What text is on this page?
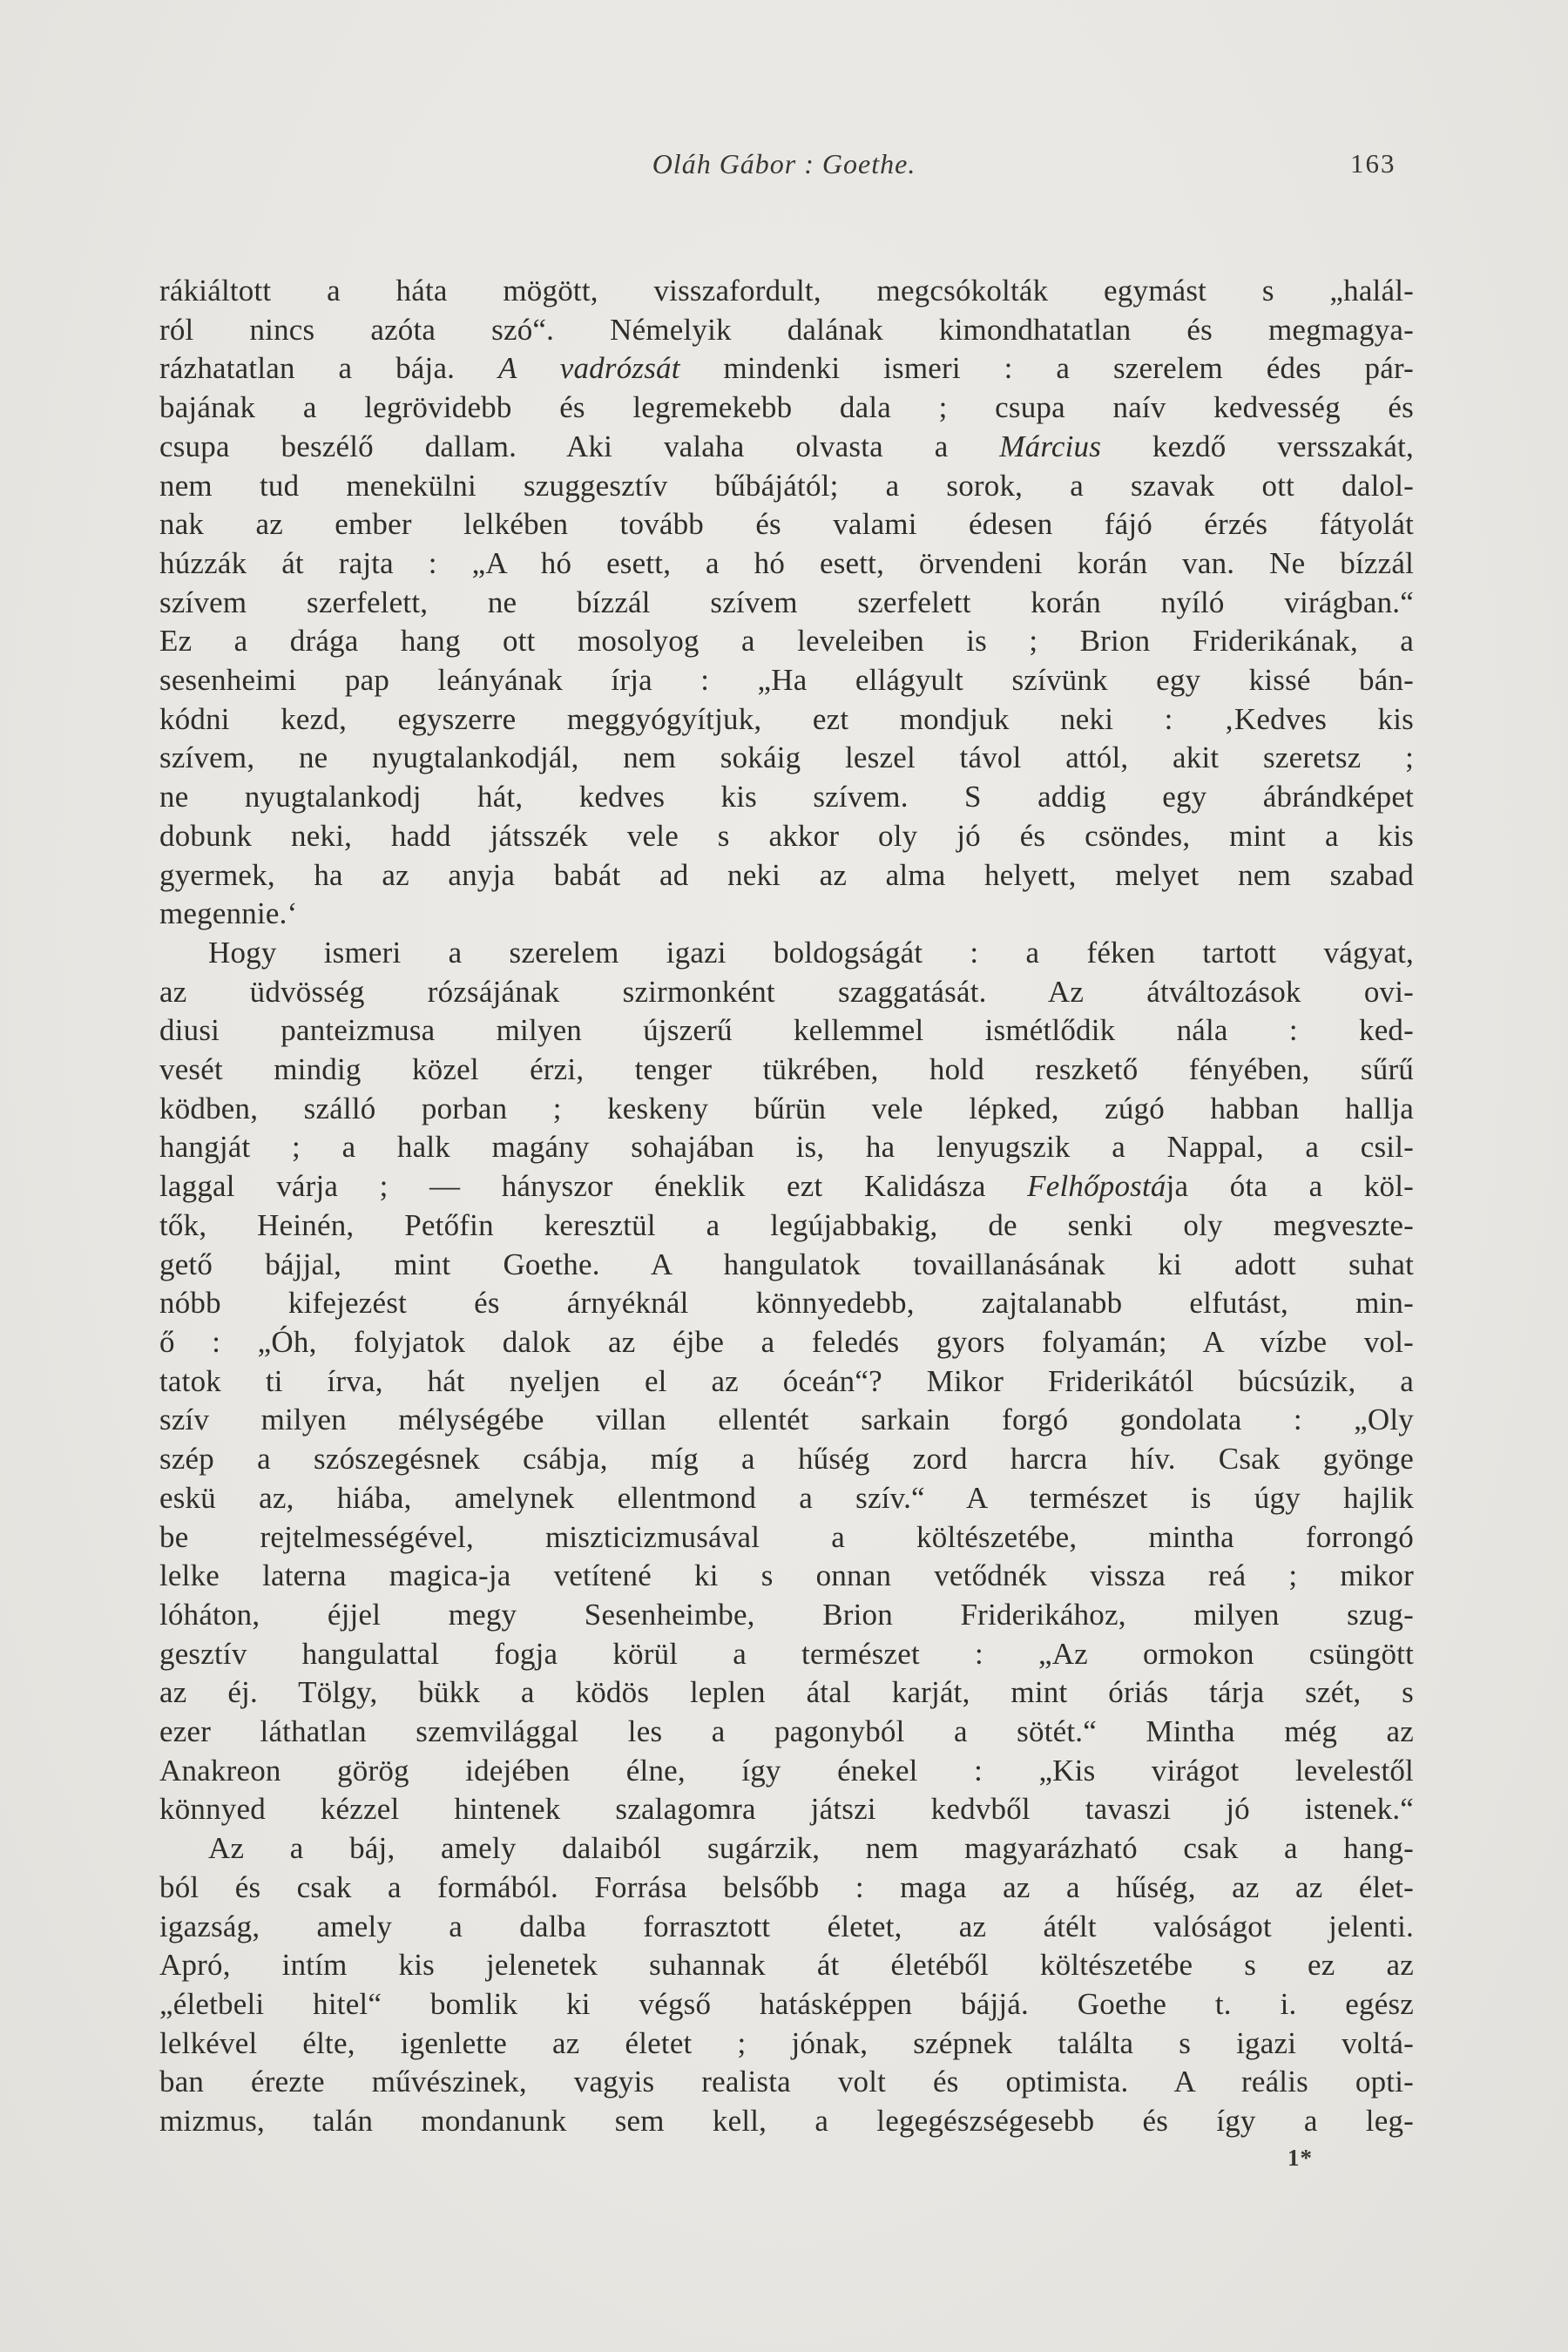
Oláh Gábor : Goethe.	163
rákiáltott a háta mögött, visszafordult, megcsókolták egymást s „halál-
ról nincs azóta szó“. Némelyik dalának kimondhatatlan és megmagya-
rázhatatlan a bája. A vadrózsát mindenki ismeri : a szerelem édes pár-
bajának a legrövidebb és legremekebb dala ; csupa naív kedvesség és
csupa beszélő dallam. Aki valaha olvasta a Március kezdő versszakát,
nem tud menekülni szuggesztív bűbájától; a sorok, a szavak ott dalol-
nak az ember lelkében tovább és valami édesen fájó érzés fátyolát
húzzák át rajta : „A hó esett, a hó esett, örvendeni korán van. Ne bízzál
szívem szerfelett, ne bízzál szívem szerfelett korán nyíló virágban.“
Ez a drága hang ott mosolyog a leveleiben is ; Brion Friderikának, a
sesenheimi pap leányának írja : „Ha ellágyult szívünk egy kissé bán-
kódni kezd, egyszerre meggyógyítjuk, ezt mondjuk neki : ‚Kedves kis
szívem, ne nyugtalankodjál, nem sokáig leszel távol attól, akit szeretsz ;
ne nyugtalankodj hát, kedves kis szívem. S addig egy ábrándképet
dobunk neki, hadd játsszék vele s akkor oly jó és csöndes, mint a kis
gyermek, ha az anyja babát ad neki az alma helyett, melyet nem szabad
megennie.‘
Hogy ismeri a szerelem igazi boldogságát : a féken tartott vágyat,
az üdvösség rózsájának szirmonként szaggatását. Az átváltozások ovi-
diusi panteizmusa milyen újszerű kellemmel ismétlődik nála : ked-
vesét mindig közel érzi, tenger tükrében, hold reszkető fényében, sűrű
ködben, szálló porban ; keskeny bűrün vele lépked, zúgó habban hallja
hangját ; a halk magány sohajában is, ha lenyugszik a Nappal, a csil-
laggal várja ; — hányszor éneklik ezt Kalidásza Felhőpostája óta a köl-
tők, Heinén, Petőfin keresztül a legújabbakig, de senki oly megveszte-
gető bájjal, mint Goethe. A hangulatok tovaillanásának ki adott suhat
nóbb kifejezést és árnyéknál könnyedebb, zajtalanabb elfutást, min-
ő : „Óh, folyjatok dalok az éjbe a feledés gyors folyamán; A vízbe vol-
tatok ti írva, hát nyeljen el az óceán“? Mikor Friderikától búcsúzik, a
szív milyen mélységébe villan ellentét sarkain forgó gondolata : „Oly
szép a szószegésnek csábja, míg a hűség zord harcra hív. Csak gyönge
eskü az, hiába, amelynek ellentmond a szív.“ A természet is úgy hajlik
be rejtelmességével, miszticizmusával a költészetébe, mintha forrongó
lelke laterna magica-ja vetítené ki s onnan vetődnék vissza reá ; mikor
lóháton, éjjel megy Sesenheimbe, Brion Friderikához, milyen szug-
gesztív hangulattal fogja körül a természet : „Az ormokon csüngött
az éj. Tölgy, bükk a ködös leplen átal karját, mint óriás tárja szét, s
ezer láthatlan szemvilággal les a pagonyból a sötét.“ Mintha még az
Anakreon görög idejében élne, így énekel : „Kis virágot levelestől
könnyed kézzel hintenek szalagomra játszi kedvből tavaszi jó istenek.“
Az a báj, amely dalaiból sugárzik, nem magyarázható csak a hang-
ból és csak a formából. Forrása belsőbb : maga az a hűség, az az élet-
igazság, amely a dalba forrasztott életet, az átélt valóságot jelenti.
Apró, intím kis jelenetek suhannak át életéből költészetébe s ez az
„életbeli hitel“ bomlik ki végső hatásképpen bájjá. Goethe t. i. egész
lelkével élte, igenlette az életet ; jónak, szépnek találta s igazi voltá-
ban érezte művészinek, vagyis realista volt és optimista. A reális opti-
mizmus, talán mondanunk sem kell, a legegészségesebb és így a leg-
1*
